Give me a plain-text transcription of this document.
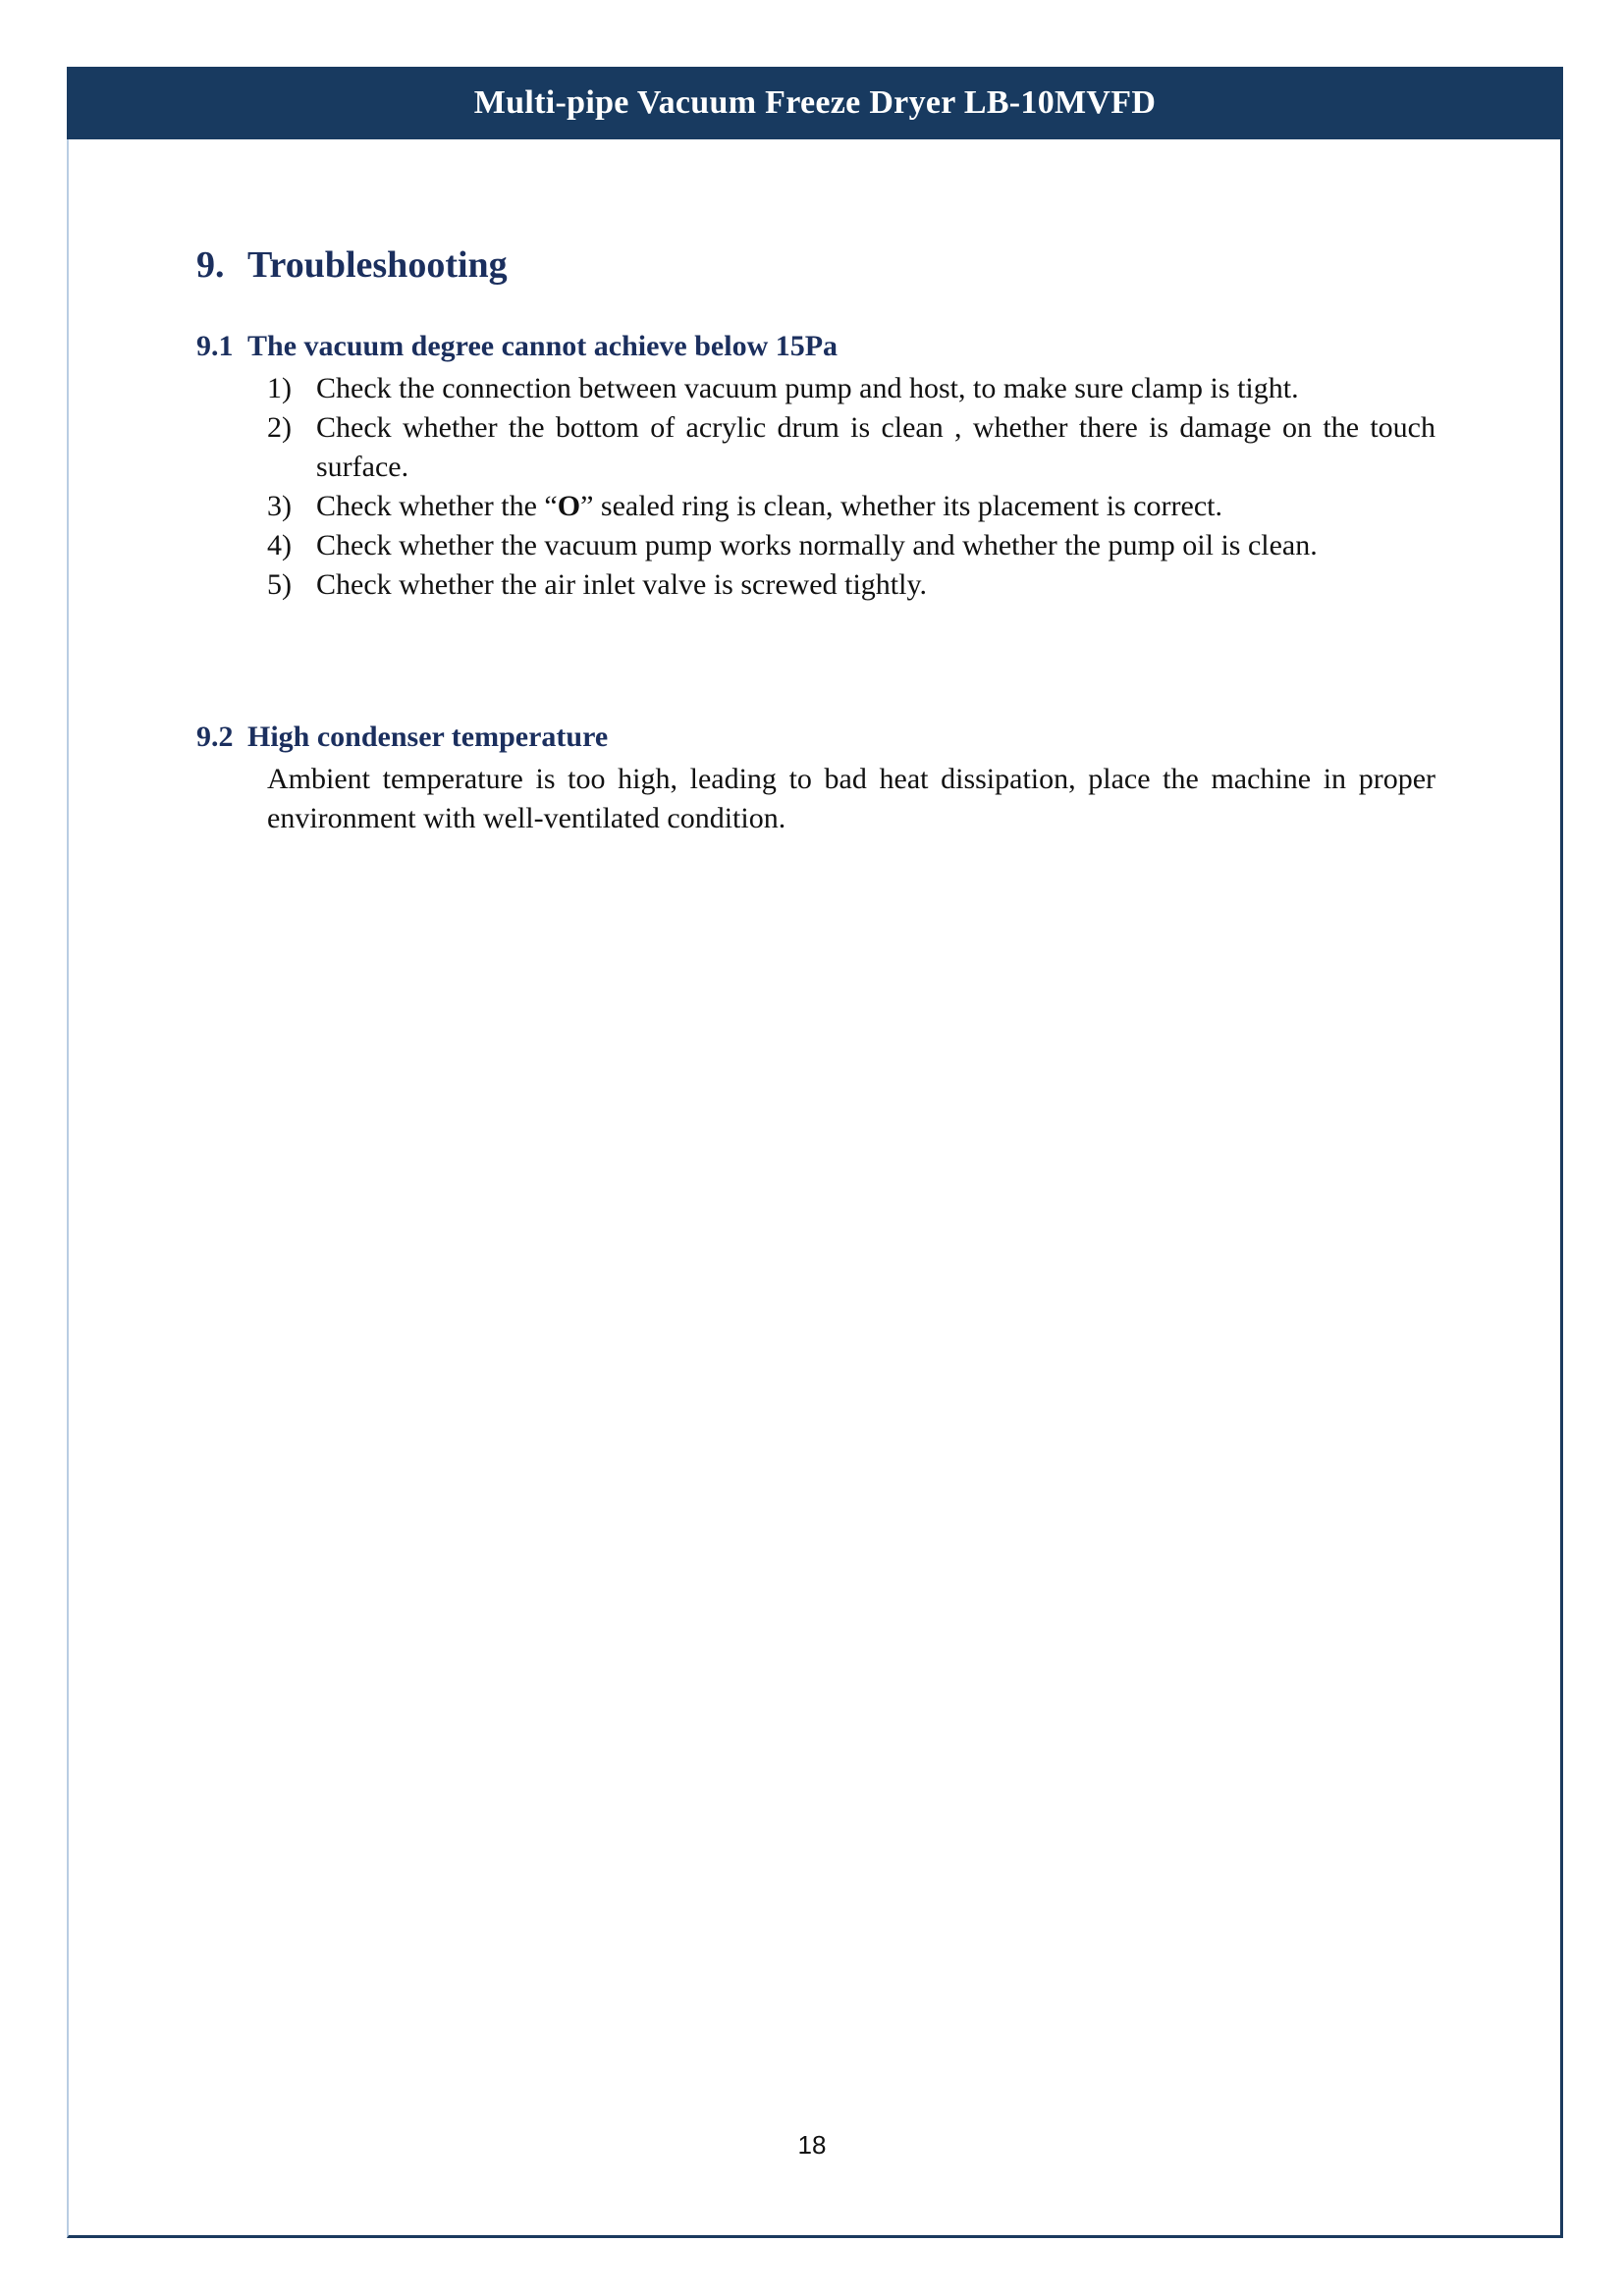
Multi-pipe Vacuum Freeze Dryer LB-10MVFD
9. Troubleshooting
9.1 The vacuum degree cannot achieve below 15Pa
1) Check the connection between vacuum pump and host, to make sure clamp is tight.
2) Check whether the bottom of acrylic drum is clean , whether there is damage on the touch surface.
3) Check whether the “O” sealed ring is clean, whether its placement is correct.
4) Check whether the vacuum pump works normally and whether the pump oil is clean.
5) Check whether the air inlet valve is screwed tightly.
9.2 High condenser temperature
Ambient temperature is too high, leading to bad heat dissipation, place the machine in proper environment with well-ventilated condition.
18
